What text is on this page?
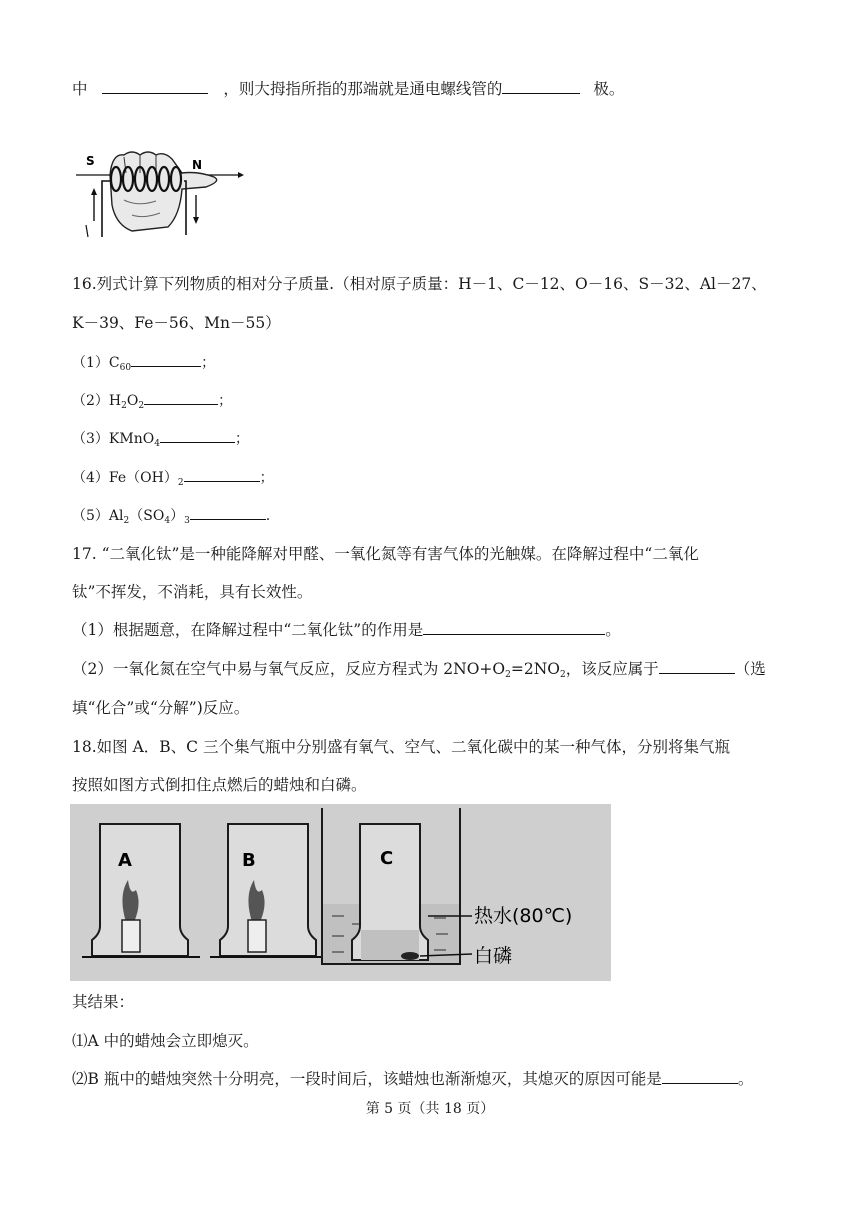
中	，则大拇指所指的那端就是通电螺线管的	极。
S	N
16.列式计算下列物质的相对分子质量.（相对原子质量：H－1、C－12、O－16、S－32、Al－27、
K－39、Fe－56、Mn－55）
$(1)C_{60}$	；
$(2)H_2O_2$	；
（3）KMnO$_4$	；
$(4)Fe(OH)_2$	；
$(5)Al_2(SO_4)_3$	.
17. “二氧化钛”是一种能降解对甲醛、一氧化氮等有害气体的光触媒。在降解过程中“二氧化
钛”不挥发，不消耗，具有长效性。
（1）根据题意，在降解过程中“二氧化钛”的作用是	。
（2）一氧化氮在空气中易与氧气反应，反应方程式为 $2NO+O_2=2NO_2$，该反应属于	（选
填“化合”或“分解”)反应。
18.如图 A．B、C 三个集气瓶中分别盛有氧气、空气、二氧化碳中的某一种气体，分别将集气瓶
按照如图方式倒扣住点燃后的蜡烛和白磷。
A	B	C
热水(80℃)
白磷
其结果：
⑴A 中的蜡烛会立即熄灭。
⑵B 瓶中的蜡烛突然十分明亮，一段时间后，该蜡烛也渐渐熄灭，其熄灭的原因可能是	。
第 5 页（共 18 页）
